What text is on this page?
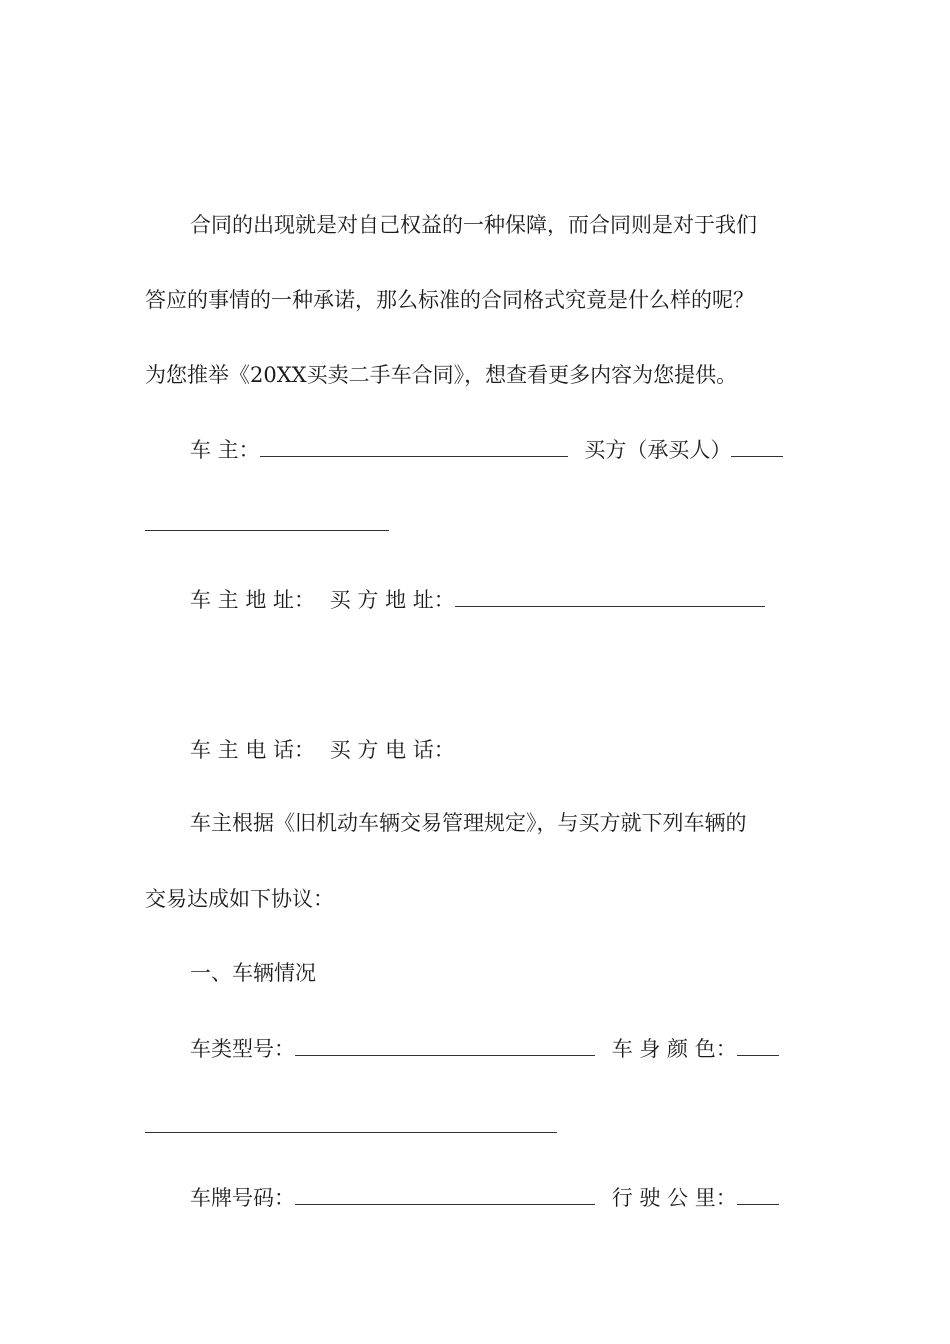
合同的出现就是对自己权益的一种保障，而合同则是对于我们
答应的事情的一种承诺，那么标准的合同格式究竟是什么样的呢？
为您推举《20XX买卖二手车合同》，想查看更多内容为您提供。
车 主：	买方（承买人）
车 主 地 址： 买 方 地 址：
车 主 电 话： 买 方 电 话：
车主根据《旧机动车辆交易管理规定》，与买方就下列车辆的
交易达成如下协议：
一、车辆情况
车类型号：	车 身 颜 色：
车牌号码：	行 驶 公 里：
